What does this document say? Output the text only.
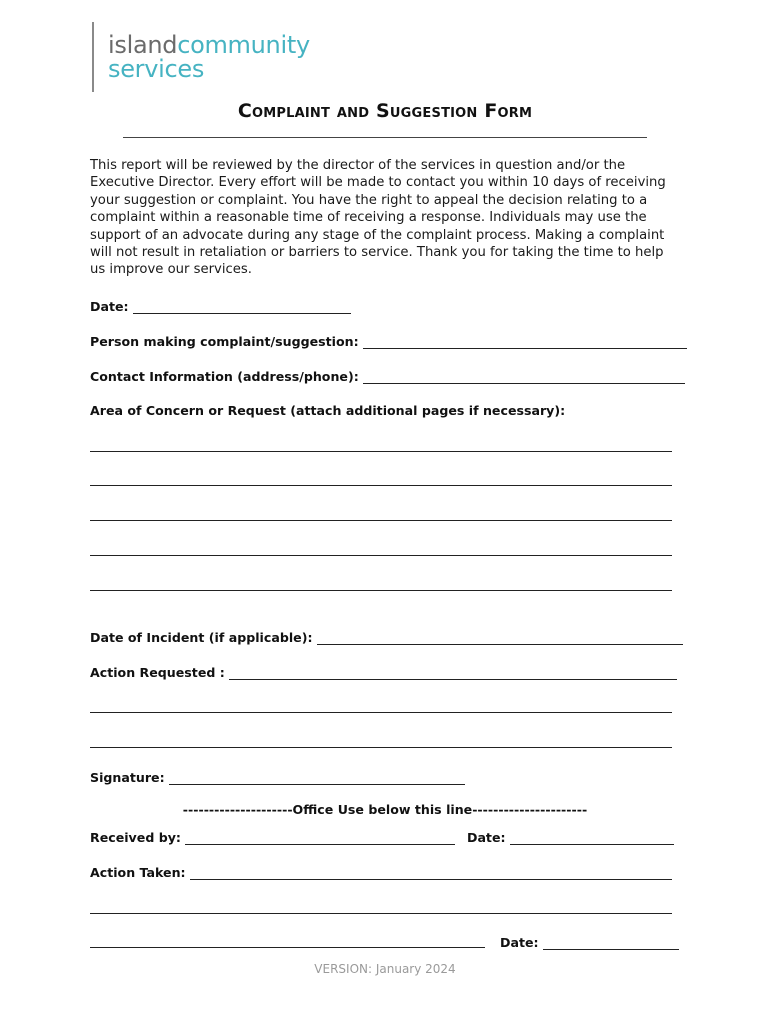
islandcommunity
services
Complaint and Suggestion Form
This report will be reviewed by the director of the services in question and/or the Executive Director. Every effort will be made to contact you within 10 days of receiving your suggestion or complaint. You have the right to appeal the decision relating to a complaint within a reasonable time of receiving a response. Individuals may use the support of an advocate during any stage of the complaint process. Making a complaint will not result in retaliation or barriers to service. Thank you for taking the time to help us improve our services.
Date:
Person making complaint/suggestion:
Contact Information (address/phone):
Area of Concern or Request (attach additional pages if necessary):
Date of Incident (if applicable):
Action Requested :
Signature:
---------------------Office Use below this line----------------------
Received by:	Date:
Action Taken:
Date:
VERSION: January 2024
